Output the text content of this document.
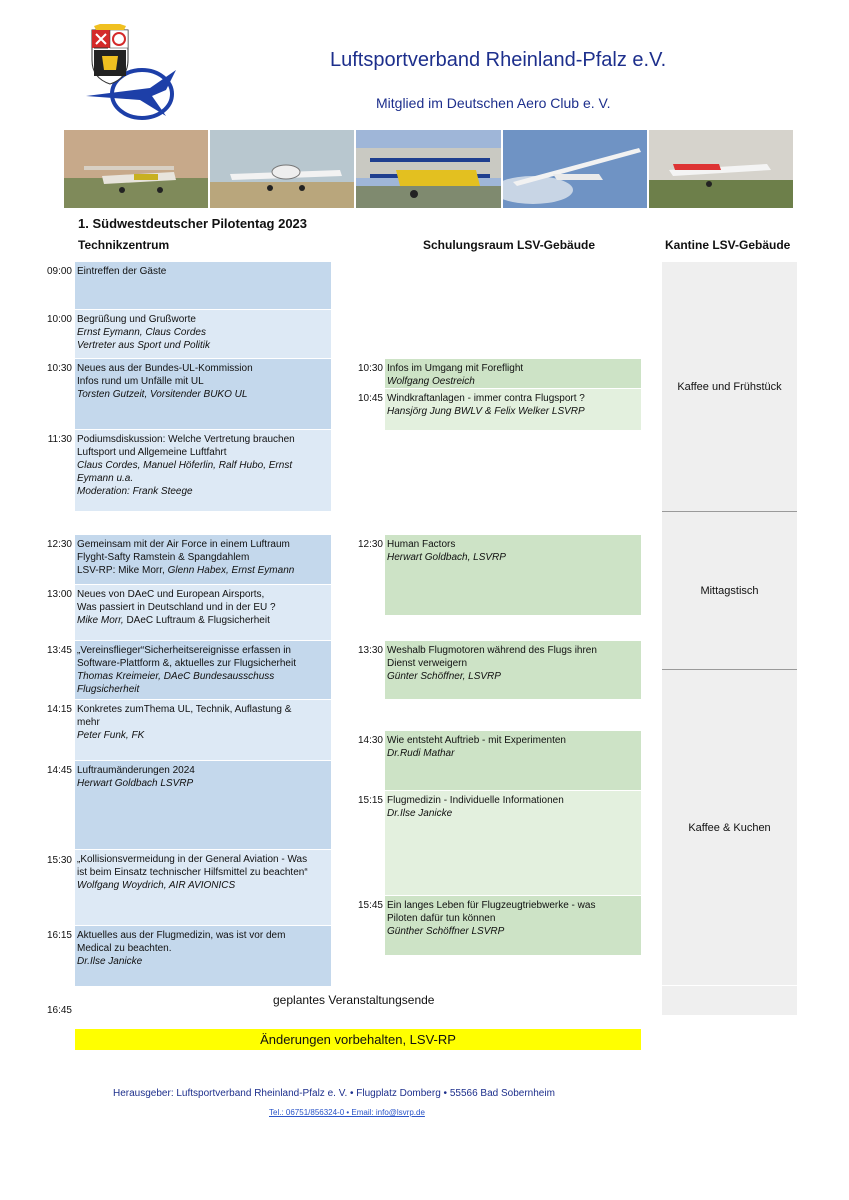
Luftsportverband Rheinland-Pfalz e.V.
Mitglied im Deutschen Aero Club e. V.
1. Südwestdeutscher Pilotentag 2023
Technikzentrum	Schulungsraum LSV-Gebäude	Kantine LSV-Gebäude
09:00 Eintreffen der Gäste
10:00 Begrüßung und Grußworte
Ernst Eymann, Claus Cordes
Vertreter aus Sport und Politik
10:30 Neues aus der Bundes-UL-Kommission
Infos rund um Unfälle mit UL
Torsten Gutzeit, Vorsitender BUKO UL
11:30 Podiumsdiskussion: Welche Vertretung brauchen
Luftsport und Allgemeine Luftfahrt
Claus Cordes, Manuel Höferlin, Ralf Hubo, Ernst
Eymann u.a.
Moderation: Frank Steege
12:30 Gemeinsam mit der Air Force in einem Luftraum
Flyght-Safty Ramstein & Spangdahlem
LSV-RP: Mike Morr, Glenn Habex, Ernst Eymann
13:00 Neues von DAeC und European Airsports,
Was passiert in Deutschland und in der EU ?
Mike Morr, DAeC Luftraum & Flugsicherheit
13:45 „Vereinsflieger“Sicherheitsereignisse erfassen in
Software-Plattform &, aktuelles zur Flugsicherheit
Thomas Kreimeier, DAeC Bundesausschuss
Flugsicherheit
14:15 Konkretes zumThema UL, Technik, Auflastung &
mehr
Peter Funk, FK
14:45 Luftraumänderungen 2024
Herwart Goldbach LSVRP
15:30 „Kollisionsvermeidung in der General Aviation - Was
ist beim Einsatz technischer Hilfsmittel zu beachten“
Wolfgang Woydrich, AIR AVIONICS
16:15 Aktuelles aus der Flugmedizin, was ist vor dem
Medical zu beachten.
Dr.Ilse Janicke
10:30 Infos im Umgang mit Foreflight
Wolfgang Oestreich
10:45 Windkraftanlagen - immer contra Flugsport ?
Hansjörg Jung BWLV & Felix Welker LSVRP
12:30 Human Factors
Herwart Goldbach, LSVRP
13:30 Weshalb Flugmotoren während des Flugs ihren
Dienst verweigern
Günter Schöffner, LSVRP
14:30 Wie entsteht Auftrieb - mit Experimenten
Dr.Rudi Mathar
15:15 Flugmedizin - Individuelle Informationen
Dr.Ilse Janicke
15:45 Ein langes Leben für Flugzeugtriebwerke - was
Piloten dafür tun können
Günther Schöffner LSVRP
Kaffee und Frühstück
Mittagstisch
Kaffee & Kuchen
16:45
geplantes Veranstaltungsende
Änderungen vorbehalten, LSV-RP
Herausgeber: Luftsportverband Rheinland-Pfalz e. V. • Flugplatz Domberg • 55566 Bad Sobernheim
Tel.: 06751/856324-0 • Email: info@lsvrp.de
